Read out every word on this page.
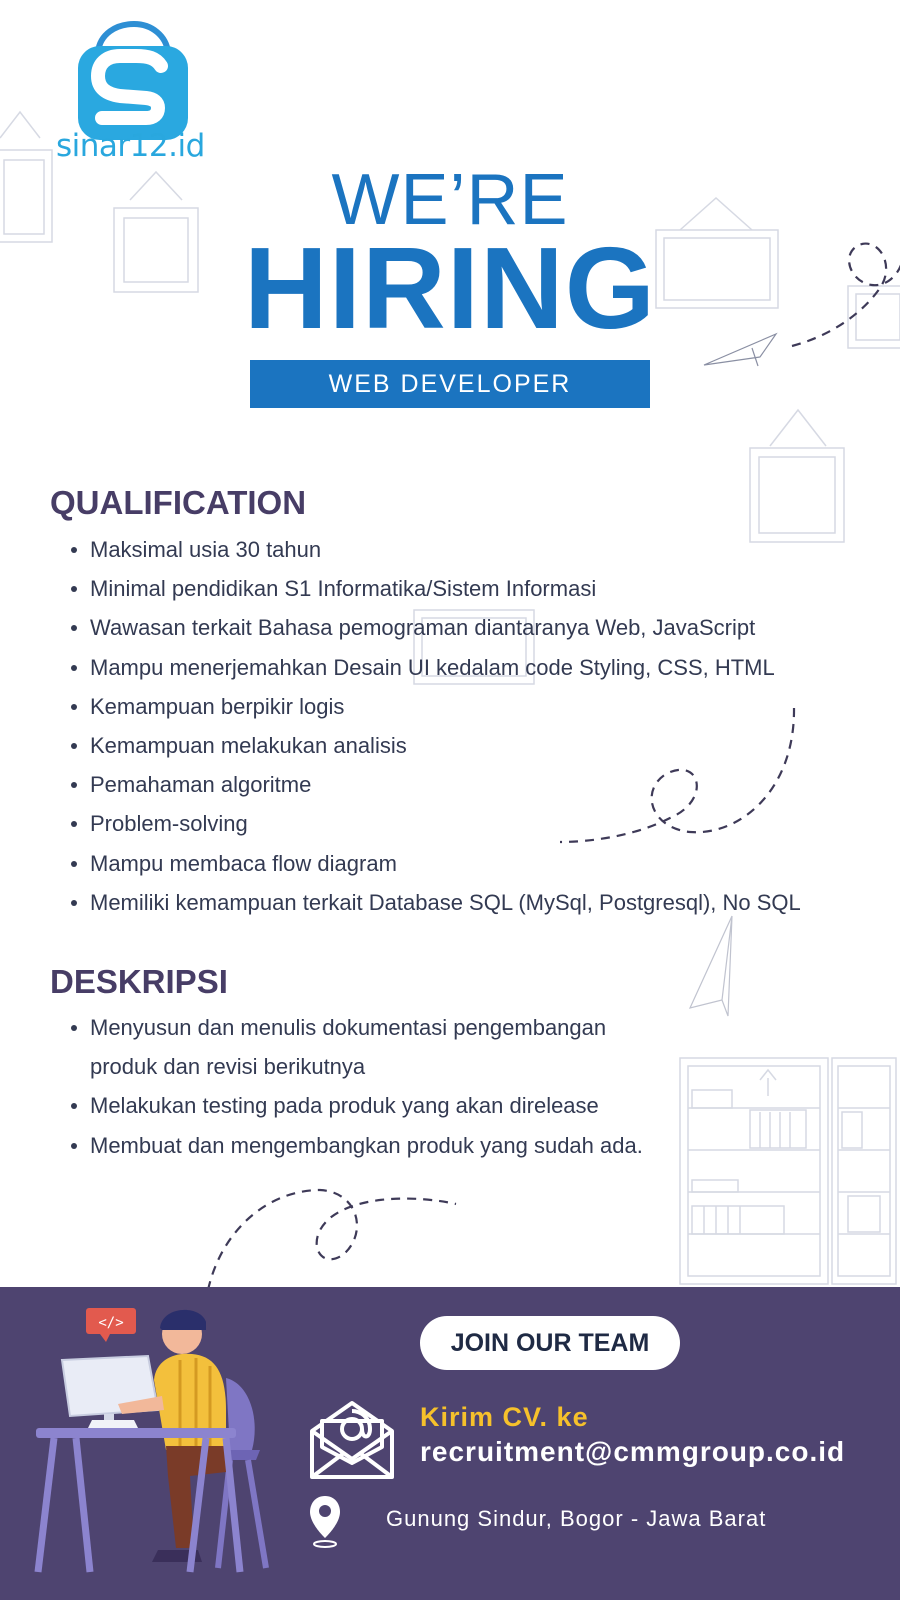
sinar12.id
WE’RE
HIRING
WEB DEVELOPER
QUALIFICATION
Maksimal usia 30 tahun
Minimal pendidikan S1 Informatika/Sistem Informasi
Wawasan terkait Bahasa pemograman diantaranya Web, JavaScript
Mampu menerjemahkan Desain UI kedalam code Styling, CSS, HTML
Kemampuan berpikir logis
Kemampuan melakukan analisis
Pemahaman algoritme
Problem-solving
Mampu membaca flow diagram
Memiliki kemampuan terkait Database SQL (MySql, Postgresql), No SQL
DESKRIPSI
Menyusun dan menulis dokumentasi pengembangan produk dan revisi berikutnya
Melakukan testing pada produk yang akan direlease
Membuat dan mengembangkan produk yang sudah ada.
</>
JOIN OUR TEAM
Kirim CV. ke
recruitment@cmmgroup.co.id
Gunung Sindur, Bogor - Jawa Barat
